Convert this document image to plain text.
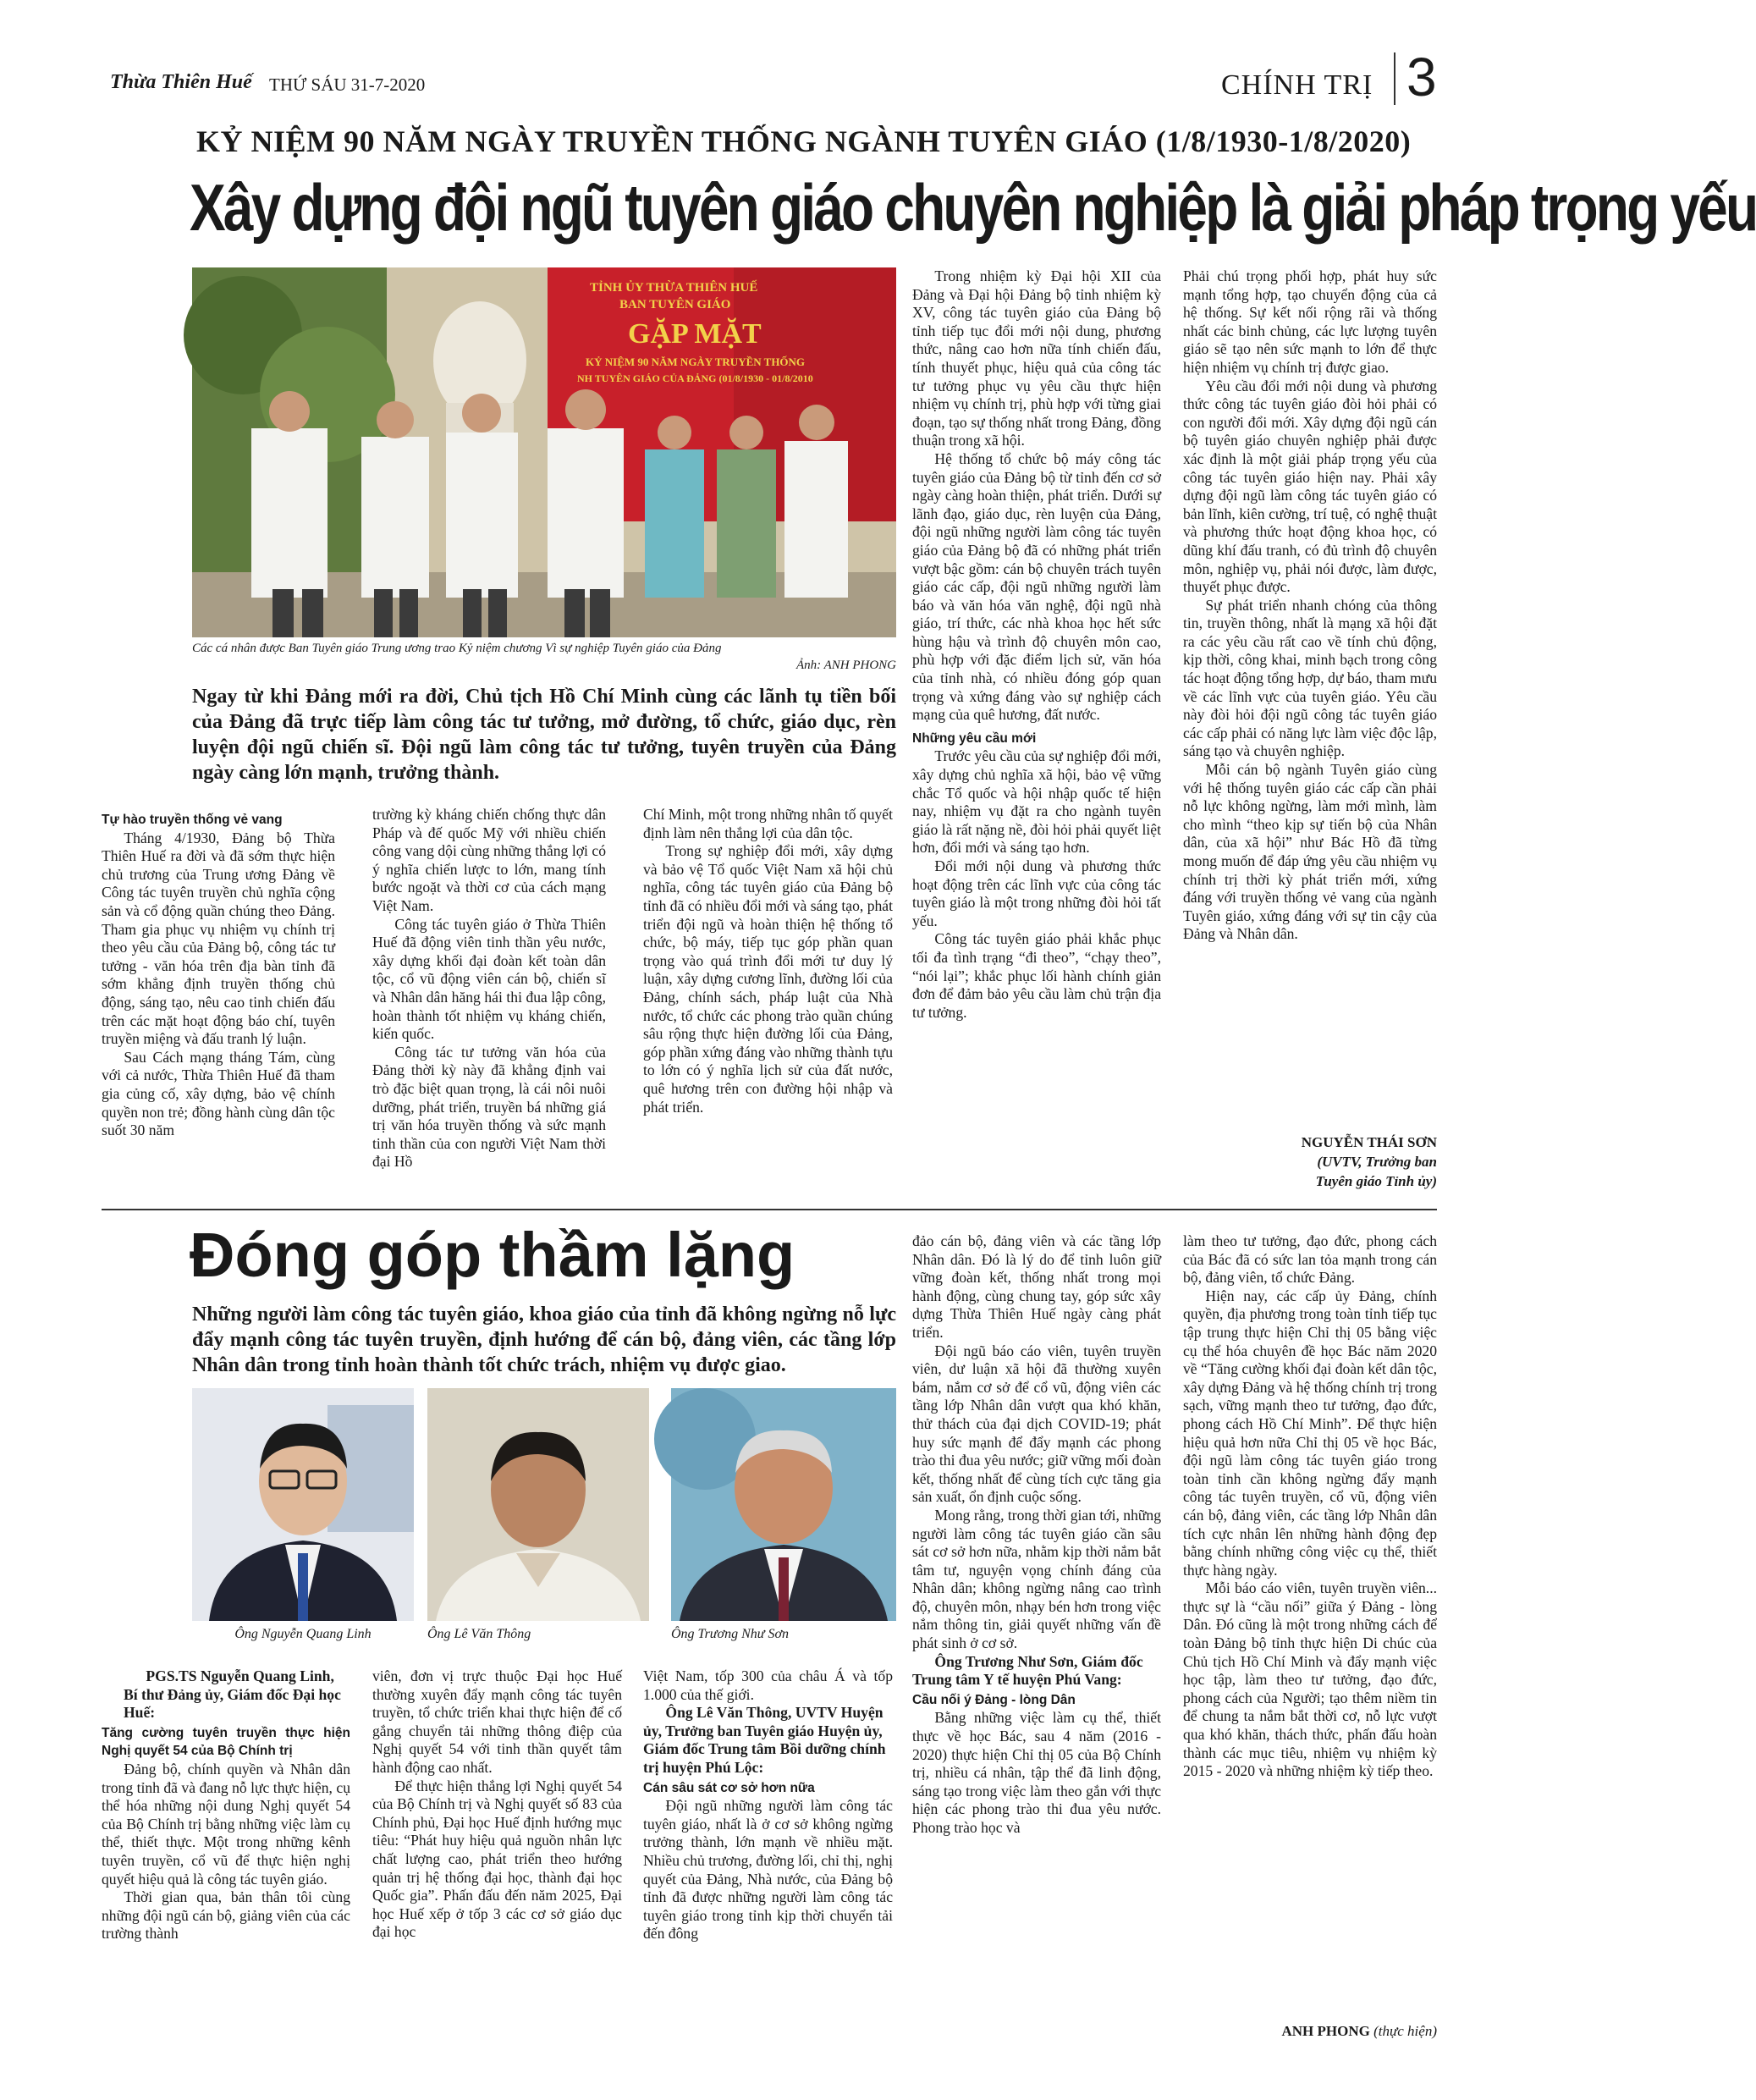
Thừa Thiên Huế THỨ SÁU 31-7-2020	CHÍNH TRỊ 3
KỶ NIỆM 90 NĂM NGÀY TRUYỀN THỐNG NGÀNH TUYÊN GIÁO (1/8/1930-1/8/2020)
Xây dựng đội ngũ tuyên giáo chuyên nghiệp là giải pháp trọng yếu
TỈNH ỦY THỪA THIÊN HUẾ
BAN TUYÊN GIÁO
GẶP MẶT
KỶ NIỆM 90 NĂM NGÀY TRUYỀN THỐNG
NH TUYÊN GIÁO CỦA ĐẢNG (01/8/1930 - 01/8/2010
Các cá nhân được Ban Tuyên giáo Trung ương trao Kỷ niệm chương Vì sự nghiệp Tuyên giáo của Đảng
Ảnh: ANH PHONG
Ngay từ khi Đảng mới ra đời, Chủ tịch Hồ Chí Minh cùng các lãnh tụ tiền bối của Đảng đã trực tiếp làm công tác tư tưởng, mở đường, tổ chức, giáo dục, rèn luyện đội ngũ chiến sĩ. Đội ngũ làm công tác tư tưởng, tuyên truyền của Đảng ngày càng lớn mạnh, trưởng thành.
Tự hào truyền thống vẻ vang

Tháng 4/1930, Đảng bộ Thừa Thiên Huế ra đời và đã sớm thực hiện chủ trương của Trung ương Đảng về Công tác tuyên truyền chủ nghĩa cộng sản và cổ động quần chúng theo Đảng. Tham gia phục vụ nhiệm vụ chính trị theo yêu cầu của Đảng bộ, công tác tư tưởng - văn hóa trên địa bàn tỉnh đã sớm khẳng định truyền thống chủ động, sáng tạo, nêu cao tinh chiến đấu trên các mặt hoạt động báo chí, tuyên truyền miệng và đấu tranh lý luận.

Sau Cách mạng tháng Tám, cùng với cả nước, Thừa Thiên Huế đã tham gia củng cố, xây dựng, bảo vệ chính quyền non trẻ; đồng hành cùng dân tộc suốt 30 năm

trường kỳ kháng chiến chống thực dân Pháp và đế quốc Mỹ với nhiều chiến công vang dội cùng những thắng lợi có ý nghĩa chiến lược to lớn, mang tính bước ngoặt và thời cơ của cách mạng Việt Nam.

Công tác tuyên giáo ở Thừa Thiên Huế đã động viên tinh thần yêu nước, xây dựng khối đại đoàn kết toàn dân tộc, cổ vũ động viên cán bộ, chiến sĩ và Nhân dân hăng hái thi đua lập công, hoàn thành tốt nhiệm vụ kháng chiến, kiến quốc.

Công tác tư tưởng văn hóa của Đảng thời kỳ này đã khẳng định vai trò đặc biệt quan trọng, là cái nôi nuôi dưỡng, phát triển, truyền bá những giá trị văn hóa truyền thống và sức mạnh tinh thần của con người Việt Nam thời đại Hồ

Chí Minh, một trong những nhân tố quyết định làm nên thắng lợi của dân tộc.

Trong sự nghiệp đổi mới, xây dựng và bảo vệ Tổ quốc Việt Nam xã hội chủ nghĩa, công tác tuyên giáo của Đảng bộ tỉnh đã có nhiều đổi mới và sáng tạo, phát triển đội ngũ và hoàn thiện hệ thống tổ chức, bộ máy, tiếp tục góp phần quan trọng vào quá trình đổi mới tư duy lý luận, xây dựng cương lĩnh, đường lối của Đảng, chính sách, pháp luật của Nhà nước, tổ chức các phong trào quần chúng sâu rộng thực hiện đường lối của Đảng, góp phần xứng đáng vào những thành tựu to lớn có ý nghĩa lịch sử của đất nước, quê hương trên con đường hội nhập và phát triển.

Trong nhiệm kỳ Đại hội XII của Đảng và Đại hội Đảng bộ tỉnh nhiệm kỳ XV, công tác tuyên giáo của Đảng bộ tỉnh tiếp tục đổi mới nội dung, phương thức, nâng cao hơn nữa tính chiến đấu, tính thuyết phục, hiệu quả của công tác tư tưởng phục vụ yêu cầu thực hiện nhiệm vụ chính trị, phù hợp với từng giai đoạn, tạo sự thống nhất trong Đảng, đồng thuận trong xã hội.

Hệ thống tổ chức bộ máy công tác tuyên giáo của Đảng bộ từ tỉnh đến cơ sở ngày càng hoàn thiện, phát triển. Dưới sự lãnh đạo, giáo dục, rèn luyện của Đảng, đội ngũ những người làm công tác tuyên giáo của Đảng bộ đã có những phát triển vượt bậc gồm: cán bộ chuyên trách tuyên giáo các cấp, đội ngũ những người làm báo và văn hóa văn nghệ, đội ngũ nhà giáo, trí thức, các nhà khoa học hết sức hùng hậu và trình độ chuyên môn cao, phù hợp với đặc điểm lịch sử, văn hóa của tỉnh nhà, có nhiều đóng góp quan trọng và xứng đáng vào sự nghiệp cách mạng của quê hương, đất nước.

Những yêu cầu mới

Trước yêu cầu của sự nghiệp đổi mới, xây dựng chủ nghĩa xã hội, bảo vệ vững chắc Tổ quốc và hội nhập quốc tế hiện nay, nhiệm vụ đặt ra cho ngành tuyên giáo là rất nặng nề, đòi hỏi phải quyết liệt hơn, đổi mới và sáng tạo hơn.

Đổi mới nội dung và phương thức hoạt động trên các lĩnh vực của công tác tuyên giáo là một trong những đòi hỏi tất yếu.

Công tác tuyên giáo phải khắc phục tối đa tình trạng “đi theo”, “chạy theo”, “nói lại”; khắc phục lối hành chính giản đơn để đảm bảo yêu cầu làm chủ trận địa tư tưởng.

Phải chú trọng phối hợp, phát huy sức mạnh tổng hợp, tạo chuyển động của cả hệ thống. Sự kết nối rộng rãi và thống nhất các binh chủng, các lực lượng tuyên giáo sẽ tạo nên sức mạnh to lớn để thực hiện nhiệm vụ chính trị được giao.

Yêu cầu đổi mới nội dung và phương thức công tác tuyên giáo đòi hỏi phải có con người đổi mới. Xây dựng đội ngũ cán bộ tuyên giáo chuyên nghiệp phải được xác định là một giải pháp trọng yếu của công tác tuyên giáo hiện nay. Phải xây dựng đội ngũ làm công tác tuyên giáo có bản lĩnh, kiên cường, trí tuệ, có nghệ thuật và phương thức hoạt động khoa học, có dũng khí đấu tranh, có đủ trình độ chuyên môn, nghiệp vụ, phải nói được, làm được, thuyết phục được.

Sự phát triển nhanh chóng của thông tin, truyền thông, nhất là mạng xã hội đặt ra các yêu cầu rất cao về tính chủ động, kịp thời, công khai, minh bạch trong công tác hoạt động tổng hợp, dự báo, tham mưu về các lĩnh vực của tuyên giáo. Yêu cầu này đòi hỏi đội ngũ công tác tuyên giáo các cấp phải có năng lực làm việc độc lập, sáng tạo và chuyên nghiệp.

Mỗi cán bộ ngành Tuyên giáo cùng với hệ thống tuyên giáo các cấp cần phải nỗ lực không ngừng, làm mới mình, làm cho mình “theo kịp sự tiến bộ của Nhân dân, của xã hội” như Bác Hồ đã từng mong muốn để đáp ứng yêu cầu nhiệm vụ chính trị thời kỳ phát triển mới, xứng đáng với truyền thống vẻ vang của ngành Tuyên giáo, xứng đáng với sự tin cậy của Đảng và Nhân dân.

NGUYỄN THÁI SƠN
(UVTV, Trưởng ban
Tuyên giáo Tỉnh ủy)
Đóng góp thầm lặng
Những người làm công tác tuyên giáo, khoa giáo của tỉnh đã không ngừng nỗ lực đẩy mạnh công tác tuyên truyền, định hướng để cán bộ, đảng viên, các tầng lớp Nhân dân trong tỉnh hoàn thành tốt chức trách, nhiệm vụ được giao.
Ông Nguyễn Quang Linh	Ông Lê Văn Thông	Ông Trương Như Sơn

PGS.TS Nguyễn Quang Linh, Bí thư Đảng ủy, Giám đốc Đại học Huế:

Tăng cường tuyên truyền thực hiện Nghị quyết 54 của Bộ Chính trị

Đảng bộ, chính quyền và Nhân dân trong tỉnh đã và đang nỗ lực thực hiện, cụ thể hóa những nội dung Nghị quyết 54 của Bộ Chính trị bằng những việc làm cụ thể, thiết thực. Một trong những kênh tuyên truyền, cổ vũ để thực hiện nghị quyết hiệu quả là công tác tuyên giáo.

Thời gian qua, bản thân tôi cùng những đội ngũ cán bộ, giảng viên của các trường thành

viên, đơn vị trực thuộc Đại học Huế thường xuyên đẩy mạnh công tác tuyên truyền, tổ chức triển khai thực hiện để cố gắng chuyển tải những thông điệp của Nghị quyết 54 với tinh thần quyết tâm hành động cao nhất.

Để thực hiện thắng lợi Nghị quyết 54 của Bộ Chính trị và Nghị quyết số 83 của Chính phủ, Đại học Huế định hướng mục tiêu: “Phát huy hiệu quả nguồn nhân lực chất lượng cao, phát triển theo hướng quản trị hệ thống đại học, thành đại học Quốc gia”. Phấn đấu đến năm 2025, Đại học Huế xếp ở tốp 3 các cơ sở giáo dục đại học

Việt Nam, tốp 300 của châu Á và tốp 1.000 của thế giới.

Ông Lê Văn Thông, UVTV Huyện ủy, Trưởng ban Tuyên giáo Huyện ủy, Giám đốc Trung tâm Bồi dưỡng chính trị huyện Phú Lộc:

Cán sâu sát cơ sở hơn nữa

Đội ngũ những người làm công tác tuyên giáo, nhất là ở cơ sở không ngừng trưởng thành, lớn mạnh về nhiều mặt. Nhiều chủ trương, đường lối, chỉ thị, nghị quyết của Đảng, Nhà nước, của Đảng bộ tỉnh đã được những người làm công tác tuyên giáo trong tỉnh kịp thời chuyển tải đến đông

đảo cán bộ, đảng viên và các tầng lớp Nhân dân. Đó là lý do để tỉnh luôn giữ vững đoàn kết, thống nhất trong mọi hành động, cùng chung tay, góp sức xây dựng Thừa Thiên Huế ngày càng phát triển.

Đội ngũ báo cáo viên, tuyên truyền viên, dư luận xã hội đã thường xuyên bám, nắm cơ sở để cổ vũ, động viên các tầng lớp Nhân dân vượt qua khó khăn, thử thách của đại dịch COVID-19; phát huy sức mạnh để đẩy mạnh các phong trào thi đua yêu nước; giữ vững mối đoàn kết, thống nhất để cùng tích cực tăng gia sản xuất, ổn định cuộc sống.

Mong rằng, trong thời gian tới, những người làm công tác tuyên giáo cần sâu sát cơ sở hơn nữa, nhằm kịp thời nắm bắt tâm tư, nguyện vọng chính đáng của Nhân dân; không ngừng nâng cao trình độ, chuyên môn, nhạy bén hơn trong việc nắm thông tin, giải quyết những vấn đề phát sinh ở cơ sở.

Ông Trương Như Sơn, Giám đốc Trung tâm Y tế huyện Phú Vang:

Cầu nối ý Đảng - lòng Dân

Bằng những việc làm cụ thể, thiết thực về học Bác, sau 4 năm (2016 - 2020) thực hiện Chỉ thị 05 của Bộ Chính trị, nhiều cá nhân, tập thể đã linh động, sáng tạo trong việc làm theo gắn với thực hiện các phong trào thi đua yêu nước. Phong trào học và

làm theo tư tưởng, đạo đức, phong cách của Bác đã có sức lan tỏa mạnh trong cán bộ, đảng viên, tổ chức Đảng.

Hiện nay, các cấp ủy Đảng, chính quyền, địa phương trong toàn tỉnh tiếp tục tập trung thực hiện Chỉ thị 05 bằng việc cụ thể hóa chuyên đề học Bác năm 2020 về “Tăng cường khối đại đoàn kết dân tộc, xây dựng Đảng và hệ thống chính trị trong sạch, vững mạnh theo tư tưởng, đạo đức, phong cách Hồ Chí Minh”. Để thực hiện hiệu quả hơn nữa Chỉ thị 05 về học Bác, đội ngũ làm công tác tuyên giáo trong toàn tỉnh cần không ngừng đẩy mạnh công tác tuyên truyền, cổ vũ, động viên cán bộ, đảng viên, các tầng lớp Nhân dân tích cực nhân lên những hành động đẹp bằng chính những công việc cụ thể, thiết thực hàng ngày.

Mỗi báo cáo viên, tuyên truyền viên... thực sự là “cầu nối” giữa ý Đảng - lòng Dân. Đó cũng là một trong những cách để toàn Đảng bộ tỉnh thực hiện Di chúc của Chủ tịch Hồ Chí Minh và đẩy mạnh việc học tập, làm theo tư tưởng, đạo đức, phong cách của Người; tạo thêm niềm tin để chung ta nắm bắt thời cơ, nỗ lực vượt qua khó khăn, thách thức, phấn đấu hoàn thành các mục tiêu, nhiệm vụ nhiệm kỳ 2015 - 2020 và những nhiệm kỳ tiếp theo.

ANH PHONG (thực hiện)
